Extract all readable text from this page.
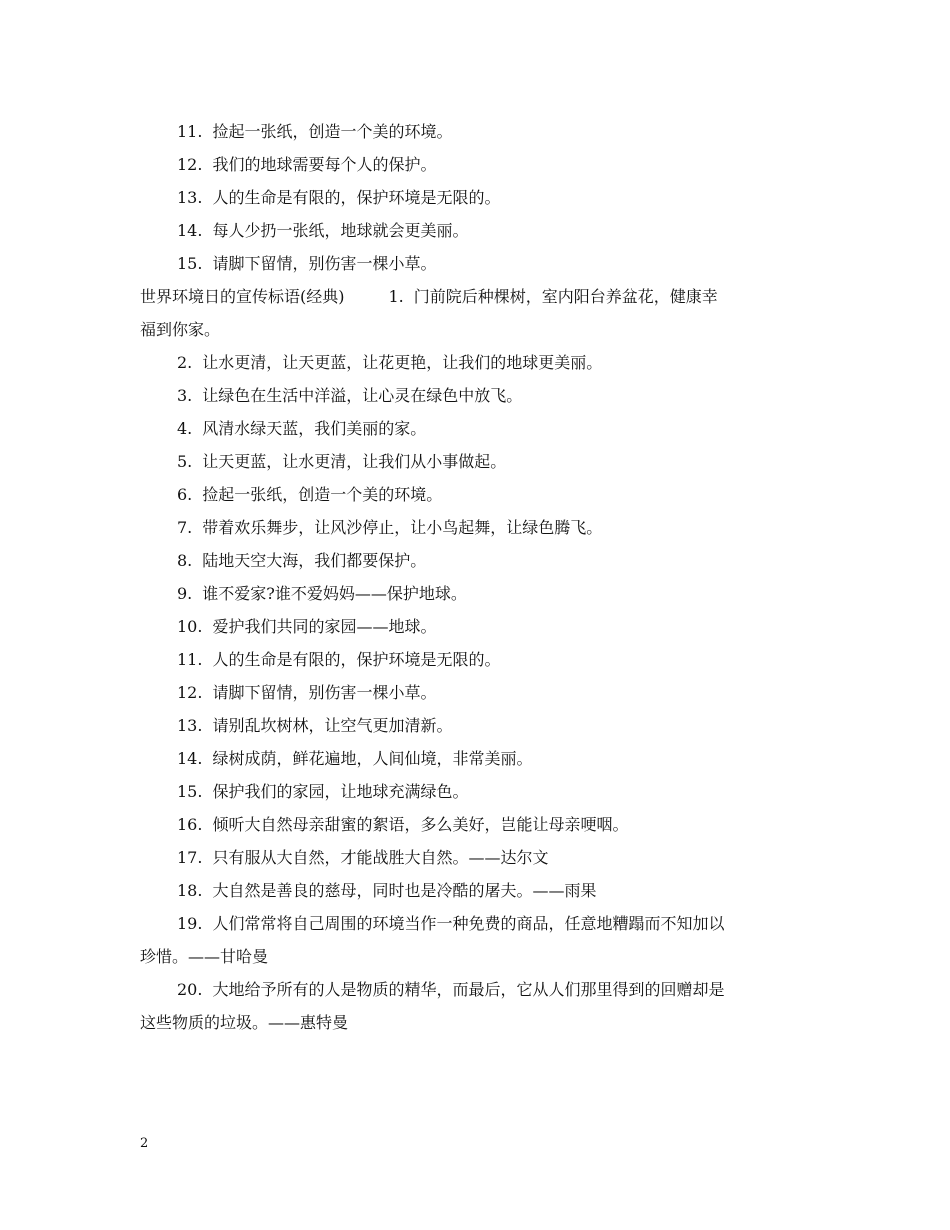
11. 捡起一张纸，创造一个美的环境。
12. 我们的地球需要每个人的保护。
13. 人的生命是有限的，保护环境是无限的。
14. 每人少扔一张纸，地球就会更美丽。
15. 请脚下留情，别伤害一棵小草。
世界环境日的宣传标语(经典)	1. 门前院后种棵树，室内阳台养盆花，健康幸
福到你家。
2. 让水更清，让天更蓝，让花更艳，让我们的地球更美丽。
3. 让绿色在生活中洋溢，让心灵在绿色中放飞。
4. 风清水绿天蓝，我们美丽的家。
5. 让天更蓝，让水更清，让我们从小事做起。
6. 捡起一张纸，创造一个美的环境。
7. 带着欢乐舞步，让风沙停止，让小鸟起舞，让绿色腾飞。
8. 陆地天空大海，我们都要保护。
9. 谁不爱家?谁不爱妈妈——保护地球。
10. 爱护我们共同的家园——地球。
11. 人的生命是有限的，保护环境是无限的。
12. 请脚下留情，别伤害一棵小草。
13. 请别乱坎树林，让空气更加清新。
14. 绿树成荫，鲜花遍地，人间仙境，非常美丽。
15. 保护我们的家园，让地球充满绿色。
16. 倾听大自然母亲甜蜜的絮语，多么美好，岂能让母亲哽咽。
17. 只有服从大自然，才能战胜大自然。——达尔文
18. 大自然是善良的慈母，同时也是冷酷的屠夫。——雨果
19. 人们常常将自己周围的环境当作一种免费的商品，任意地糟蹋而不知加以
珍惜。——甘哈曼
20. 大地给予所有的人是物质的精华，而最后，它从人们那里得到的回赠却是
这些物质的垃圾。——惠特曼
2
